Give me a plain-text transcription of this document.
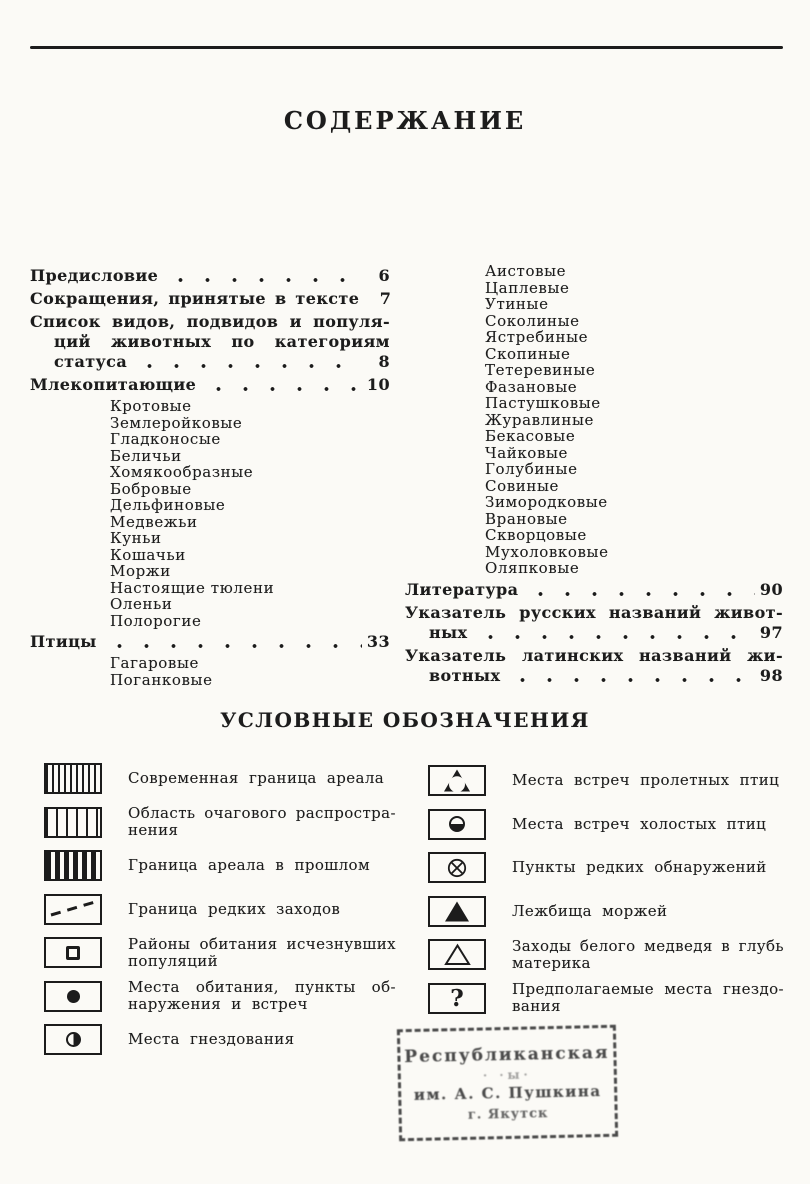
СОДЕРЖАНИЕ
Предисловие	6
Сокращения, принятые в тексте	7
Список видов, подвидов и популя-
ций животных по категориям
статуса	8
Млекопитающие	10
Кротовые
Землеройковые
Гладконосые
Беличьи
Хомякообразные
Бобровые
Дельфиновые
Медвежьи
Куньи
Кошачьи
Моржи
Настоящие тюлени
Оленьи
Полорогие
Птицы	33
Гагаровые
Поганковые
Аистовые
Цаплевые
Утиные
Соколиные
Ястребиные
Скопиные
Тетеревиные
Фазановые
Пастушковые
Журавлиные
Бекасовые
Чайковые
Голубиные
Совиные
Зимородковые
Врановые
Скворцовые
Мухоловковые
Оляпковые
Литература	90
Указатель русских названий живот-
ных	97
Указатель латинских названий жи-
вотных	98
УСЛОВНЫЕ ОБОЗНАЧЕНИЯ
Современная граница ареала
Область очагового распростра-
нения
Граница ареала в прошлом
Граница редких заходов
Районы обитания исчезнувших
популяций
Места обитания, пункты об-
наружения и встреч
Места гнездования
Места встреч пролетных птиц
Места встреч холостых птиц
Пункты редких обнаружений
Лежбища моржей
Заходы белого медведя в глубь
материка
?	Предполагаемые места гнездо-
вания
Республиканская
· ·ы·
им. А. С. Пушкина
г. Якутск
